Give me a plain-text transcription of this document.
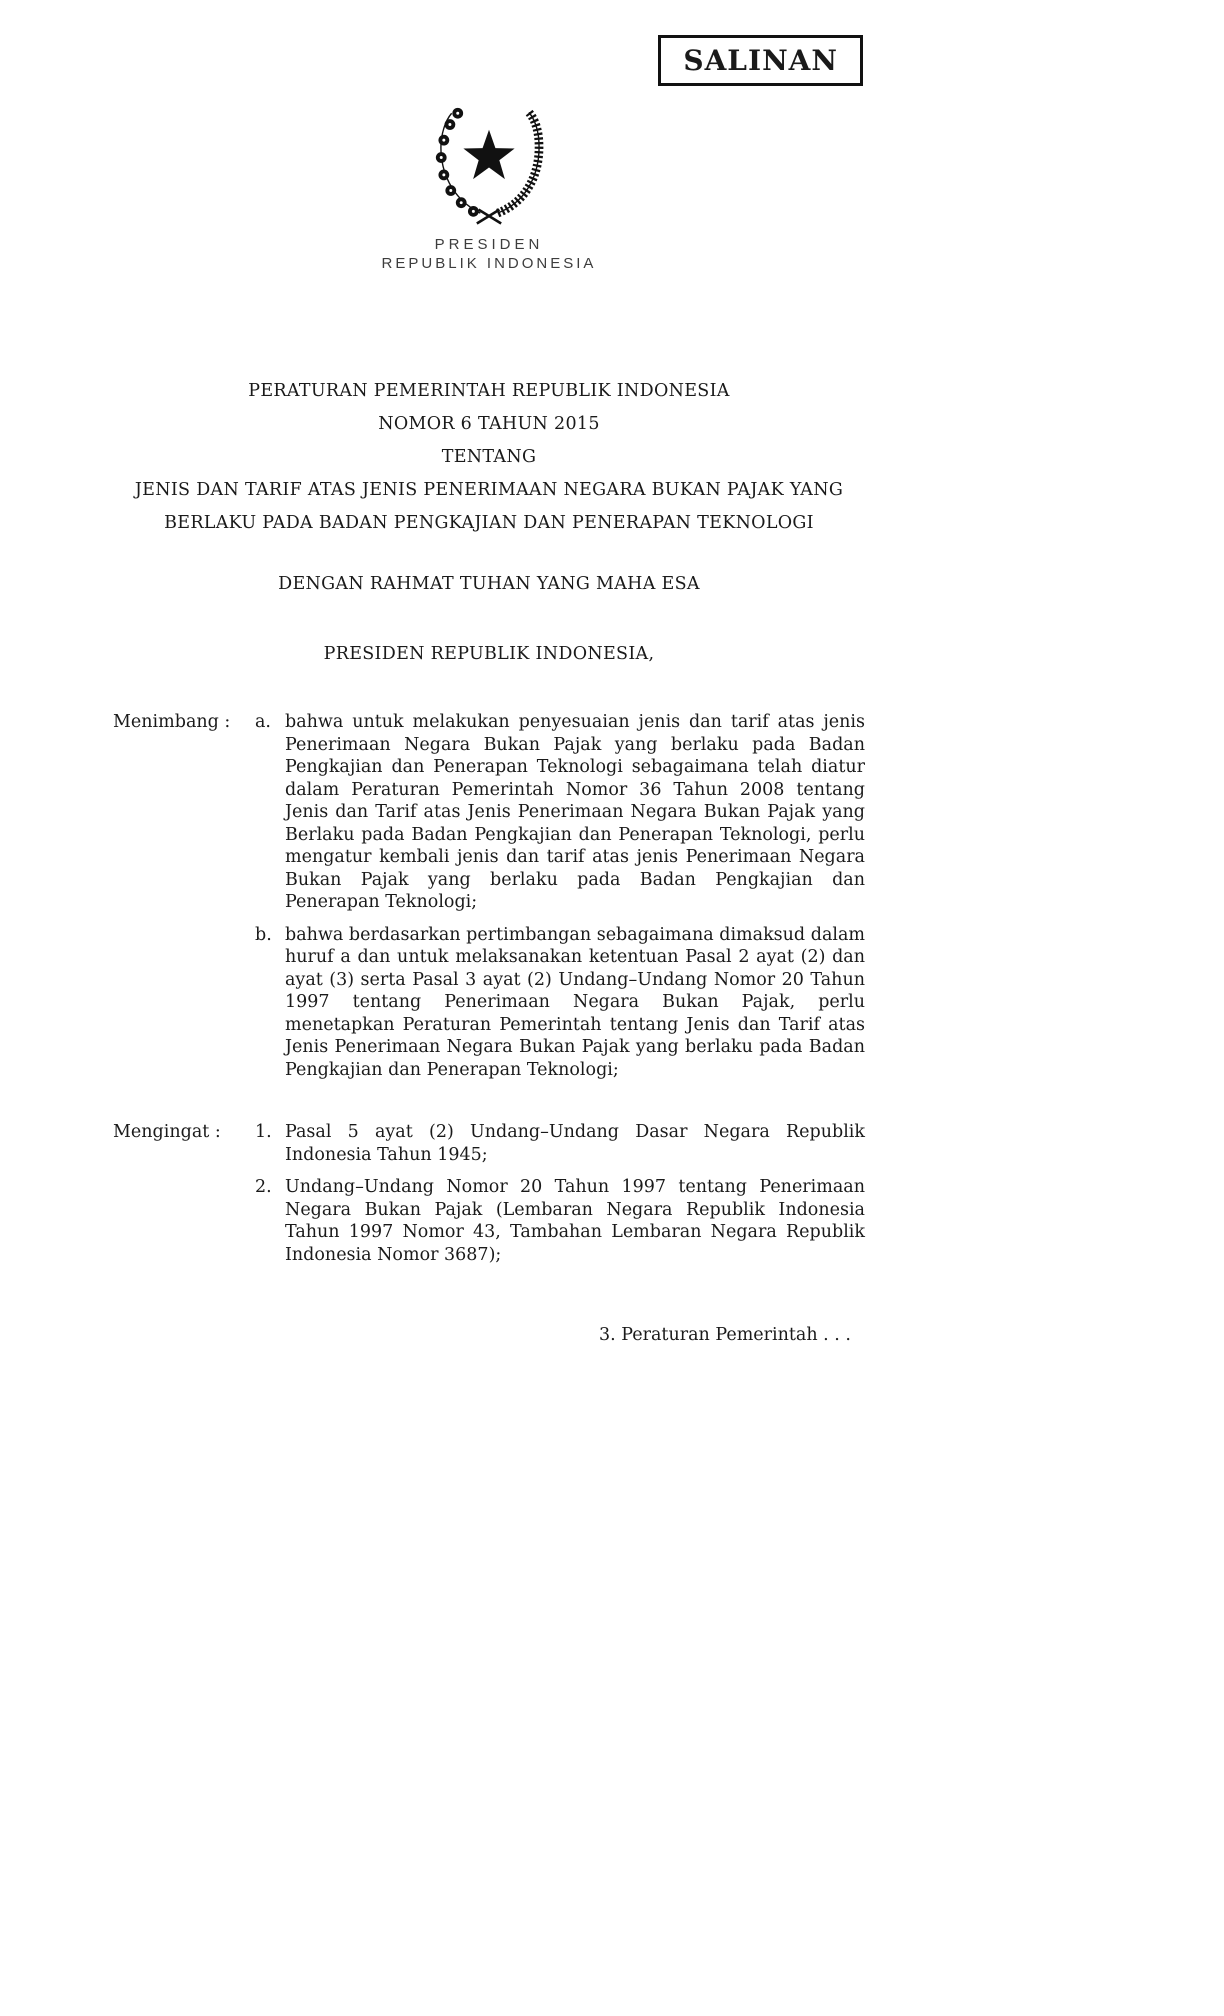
SALINAN
PRESIDEN
REPUBLIK INDONESIA
PERATURAN PEMERINTAH REPUBLIK INDONESIA
NOMOR 6 TAHUN 2015
TENTANG
JENIS DAN TARIF ATAS JENIS PENERIMAAN NEGARA BUKAN PAJAK YANG
BERLAKU PADA BADAN PENGKAJIAN DAN PENERAPAN TEKNOLOGI
DENGAN RAHMAT TUHAN YANG MAHA ESA
PRESIDEN REPUBLIK INDONESIA,
Menimbang :	a. bahwa untuk melakukan penyesuaian jenis dan tarif atas jenis Penerimaan Negara Bukan Pajak yang berlaku pada Badan Pengkajian dan Penerapan Teknologi sebagaimana telah diatur dalam Peraturan Pemerintah Nomor 36 Tahun 2008 tentang Jenis dan Tarif atas Jenis Penerimaan Negara Bukan Pajak yang Berlaku pada Badan Pengkajian dan Penerapan Teknologi, perlu mengatur kembali jenis dan tarif atas jenis Penerimaan Negara Bukan Pajak yang berlaku pada Badan Pengkajian dan Penerapan Teknologi;
b. bahwa berdasarkan pertimbangan sebagaimana dimaksud dalam huruf a dan untuk melaksanakan ketentuan Pasal 2 ayat (2) dan ayat (3) serta Pasal 3 ayat (2) Undang–Undang Nomor 20 Tahun 1997 tentang Penerimaan Negara Bukan Pajak, perlu menetapkan Peraturan Pemerintah tentang Jenis dan Tarif atas Jenis Penerimaan Negara Bukan Pajak yang berlaku pada Badan Pengkajian dan Penerapan Teknologi;
Mengingat :	1. Pasal 5 ayat (2) Undang–Undang Dasar Negara Republik Indonesia Tahun 1945;
2. Undang–Undang Nomor 20 Tahun 1997 tentang Penerimaan Negara Bukan Pajak (Lembaran Negara Republik Indonesia Tahun 1997 Nomor 43, Tambahan Lembaran Negara Republik Indonesia Nomor 3687);
3. Peraturan Pemerintah . . .
